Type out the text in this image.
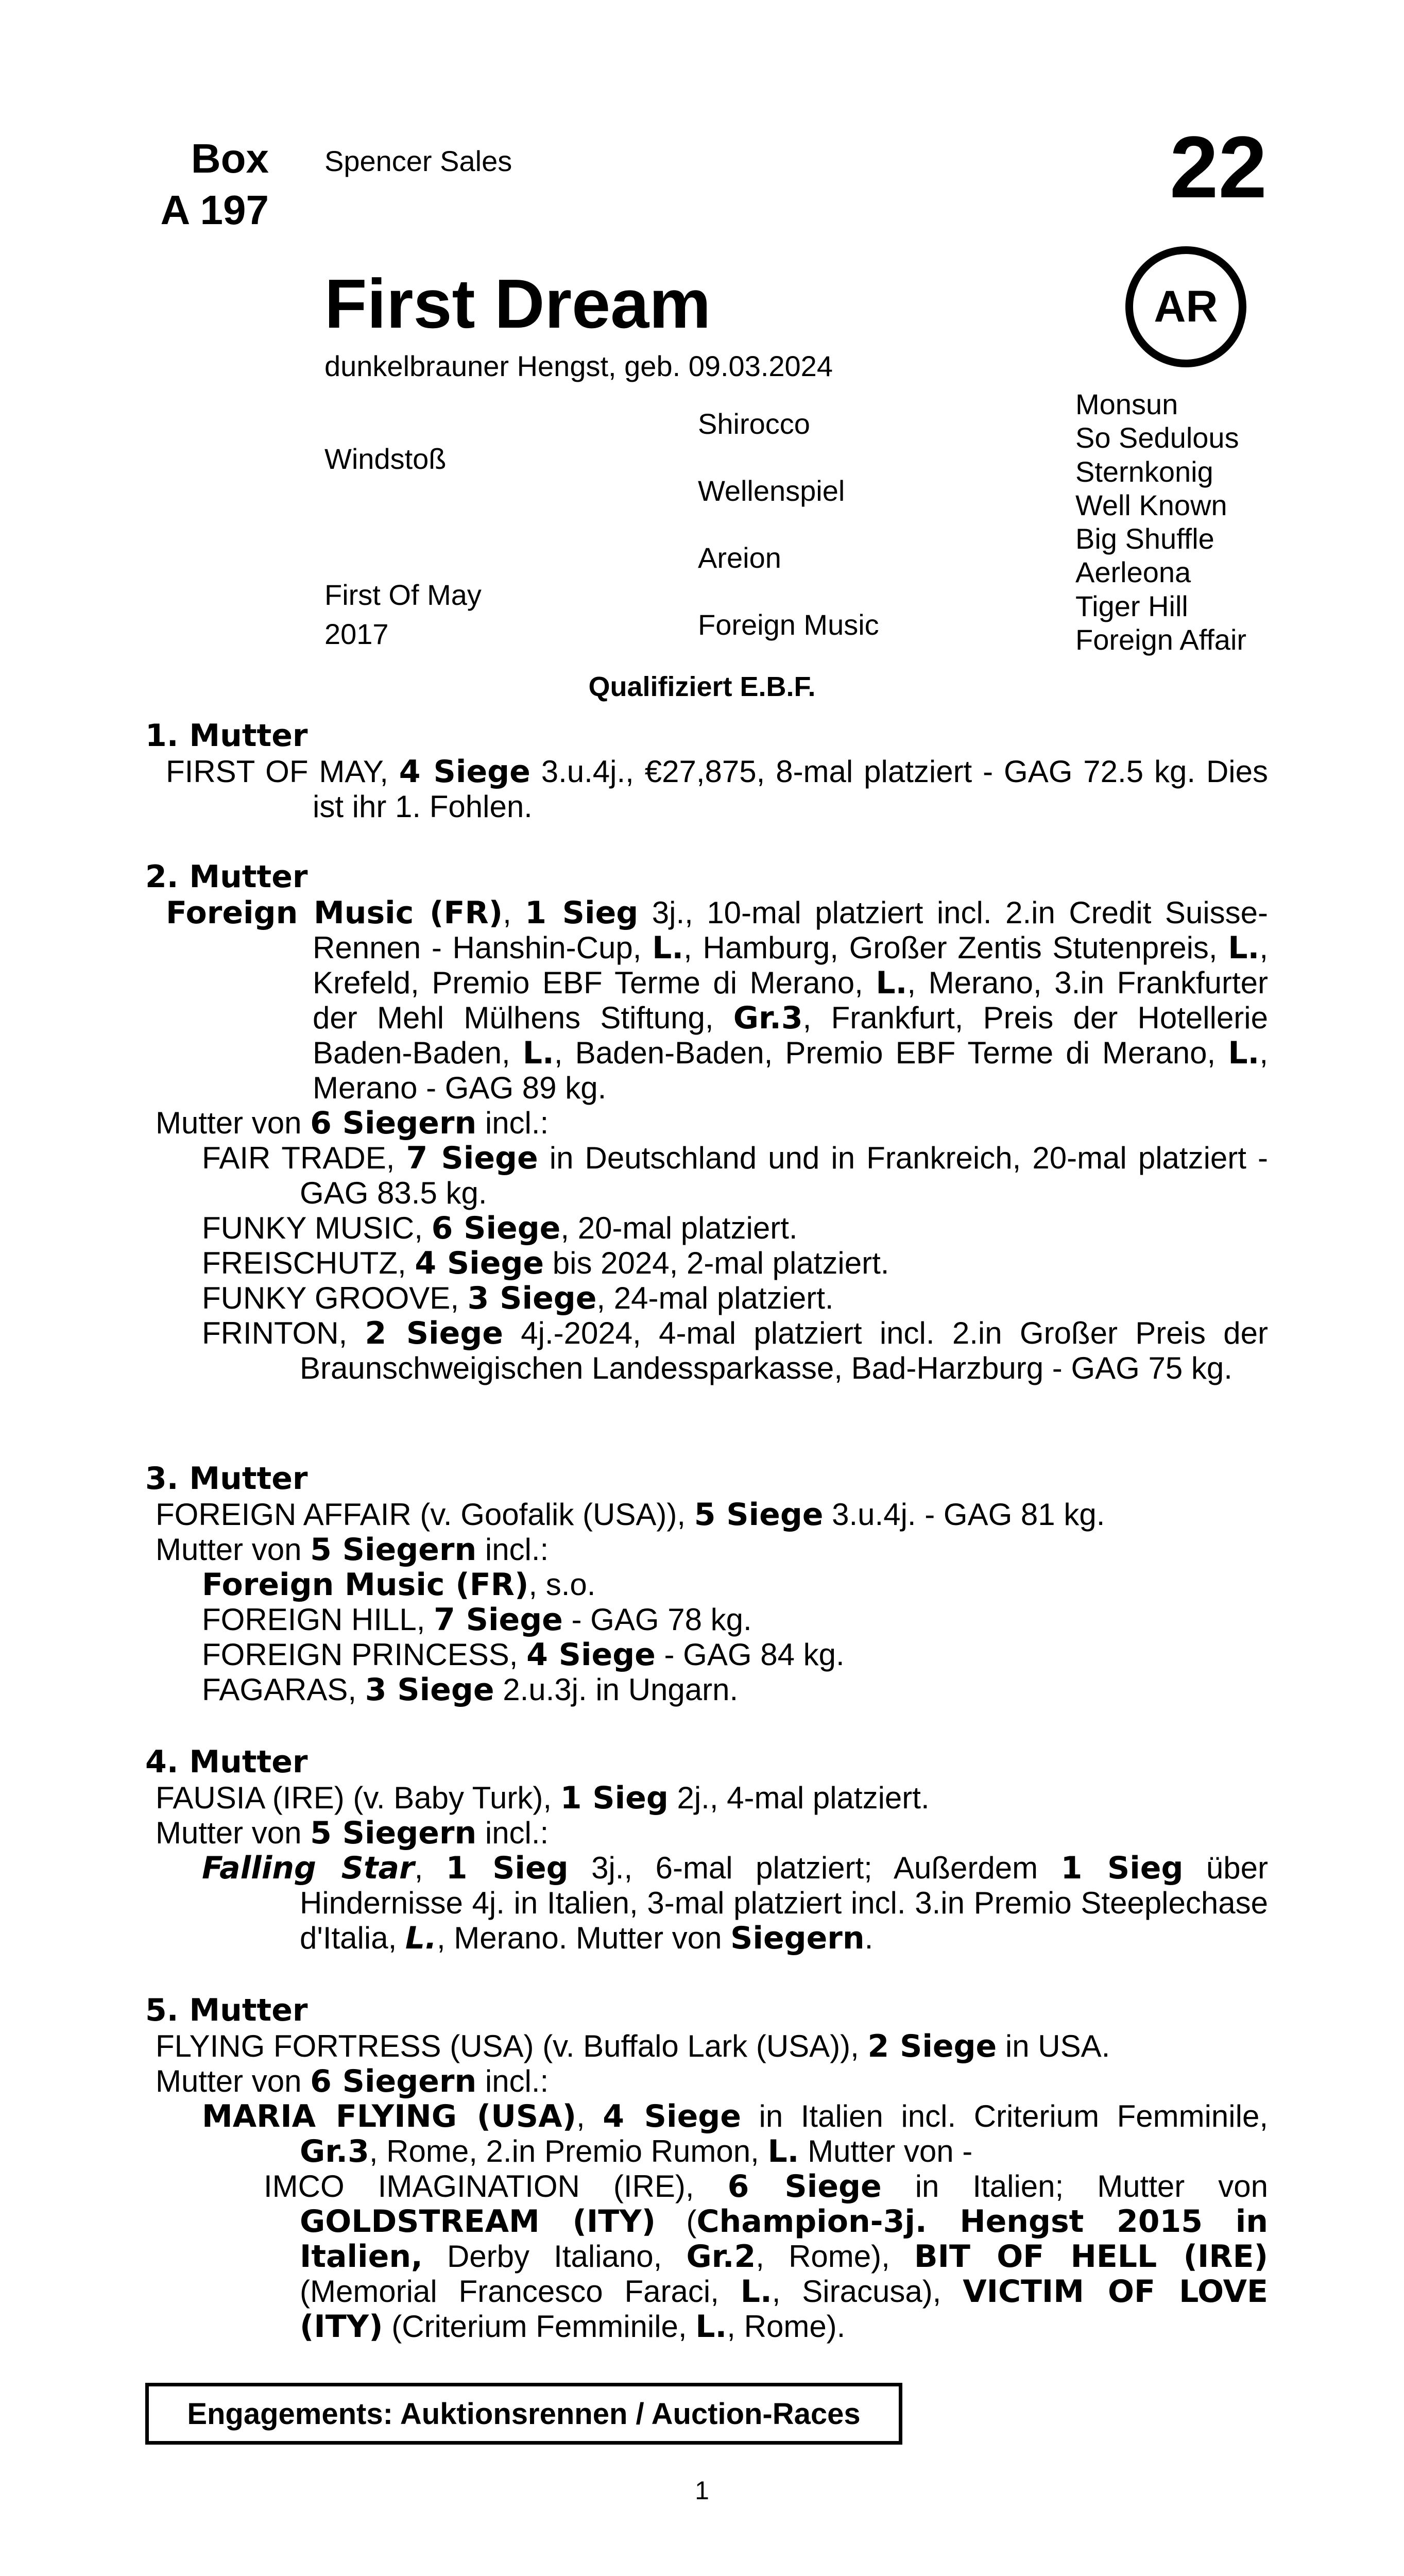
Box
A 197
Spencer Sales	22
AR
First Dream
dunkelbrauner Hengst, geb. 09.03.2024
Windstoß
First Of May
2017
Shirocco
Wellenspiel
Areion
Foreign Music
Monsun
So Sedulous
Sternkonig
Well Known
Big Shuffle
Aerleona
Tiger Hill
Foreign Affair
Qualifiziert E.B.F.
1. Mutter
FIRST OF MAY, 4 Siege 3.u.4j., €27,875, 8-mal platziert - GAG 72.5 kg. Dies ist ihr 1. Fohlen.
2. Mutter
Foreign Music (FR), 1 Sieg 3j., 10-mal platziert incl. 2.in Credit Suisse-Rennen - Hanshin-Cup, L., Hamburg, Großer Zentis Stutenpreis, L., Krefeld, Premio EBF Terme di Merano, L., Merano, 3.in Frankfurter der Mehl Mülhens Stiftung, Gr.3, Frankfurt, Preis der Hotellerie Baden-Baden, L., Baden-Baden, Premio EBF Terme di Merano, L., Merano - GAG 89 kg.
Mutter von 6 Siegern incl.:
FAIR TRADE, 7 Siege in Deutschland und in Frankreich, 20-mal platziert - GAG 83.5 kg.
FUNKY MUSIC, 6 Siege, 20-mal platziert.
FREISCHUTZ, 4 Siege bis 2024, 2-mal platziert.
FUNKY GROOVE, 3 Siege, 24-mal platziert.
FRINTON, 2 Siege 4j.-2024, 4-mal platziert incl. 2.in Großer Preis der Braunschweigischen Landessparkasse, Bad-Harzburg - GAG 75 kg.
3. Mutter
FOREIGN AFFAIR (v. Goofalik (USA)), 5 Siege 3.u.4j. - GAG 81 kg.
Mutter von 5 Siegern incl.:
Foreign Music (FR), s.o.
FOREIGN HILL, 7 Siege - GAG 78 kg.
FOREIGN PRINCESS, 4 Siege - GAG 84 kg.
FAGARAS, 3 Siege 2.u.3j. in Ungarn.
4. Mutter
FAUSIA (IRE) (v. Baby Turk), 1 Sieg 2j., 4-mal platziert.
Mutter von 5 Siegern incl.:
Falling Star, 1 Sieg 3j., 6-mal platziert; Außerdem 1 Sieg über Hindernisse 4j. in Italien, 3-mal platziert incl. 3.in Premio Steeplechase d'Italia, L., Merano. Mutter von Siegern.
5. Mutter
FLYING FORTRESS (USA) (v. Buffalo Lark (USA)), 2 Siege in USA.
Mutter von 6 Siegern incl.:
MARIA FLYING (USA), 4 Siege in Italien incl. Criterium Femminile, Gr.3, Rome, 2.in Premio Rumon, L. Mutter von -
IMCO IMAGINATION (IRE), 6 Siege in Italien; Mutter von GOLDSTREAM (ITY) (Champion-3j. Hengst 2015 in Italien, Derby Italiano, Gr.2, Rome), BIT OF HELL (IRE) (Memorial Francesco Faraci, L., Siracusa), VICTIM OF LOVE (ITY) (Criterium Femminile, L., Rome).
Engagements: Auktionsrennen / Auction-Races
1
